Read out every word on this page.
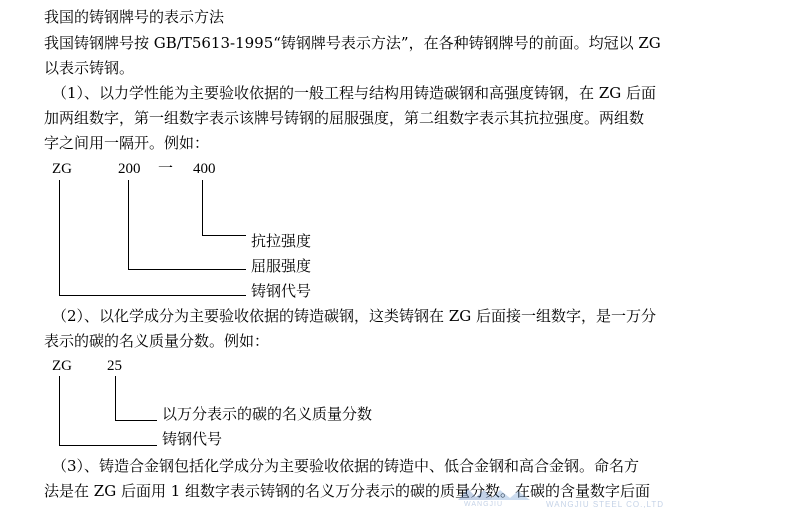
我国的铸钢牌号的表示方法
我国铸钢牌号按 GB/T5613-1995“铸钢牌号表示方法”，在各种铸钢牌号的前面。均冠以 ZG
以表示铸钢。
（1）、以力学性能为主要验收依据的一般工程与结构用铸造碳钢和高强度铸钢，在 ZG 后面
加两组数字，第一组数字表示该牌号铸钢的屈服强度，第二组数字表示其抗拉强度。两组数
字之间用一隔开。例如：
ZG	200 一 400
抗拉强度
屈服强度
铸钢代号
（2）、以化学成分为主要验收依据的铸造碳钢，这类铸钢在 ZG 后面接一组数字，是一万分
表示的碳的名义质量分数。例如：
ZG 25
以万分表示的碳的名义质量分数
铸钢代号
（3）、铸造合金钢包括化学成分为主要验收依据的铸造中、低合金钢和高合金钢。命名方
法是在 ZG 后面用 1 组数字表示铸钢的名义万分表示的碳的质量分数。在碳的含量数字后面
WANGJIU	WANGJIU STEEL CO.,LTD
